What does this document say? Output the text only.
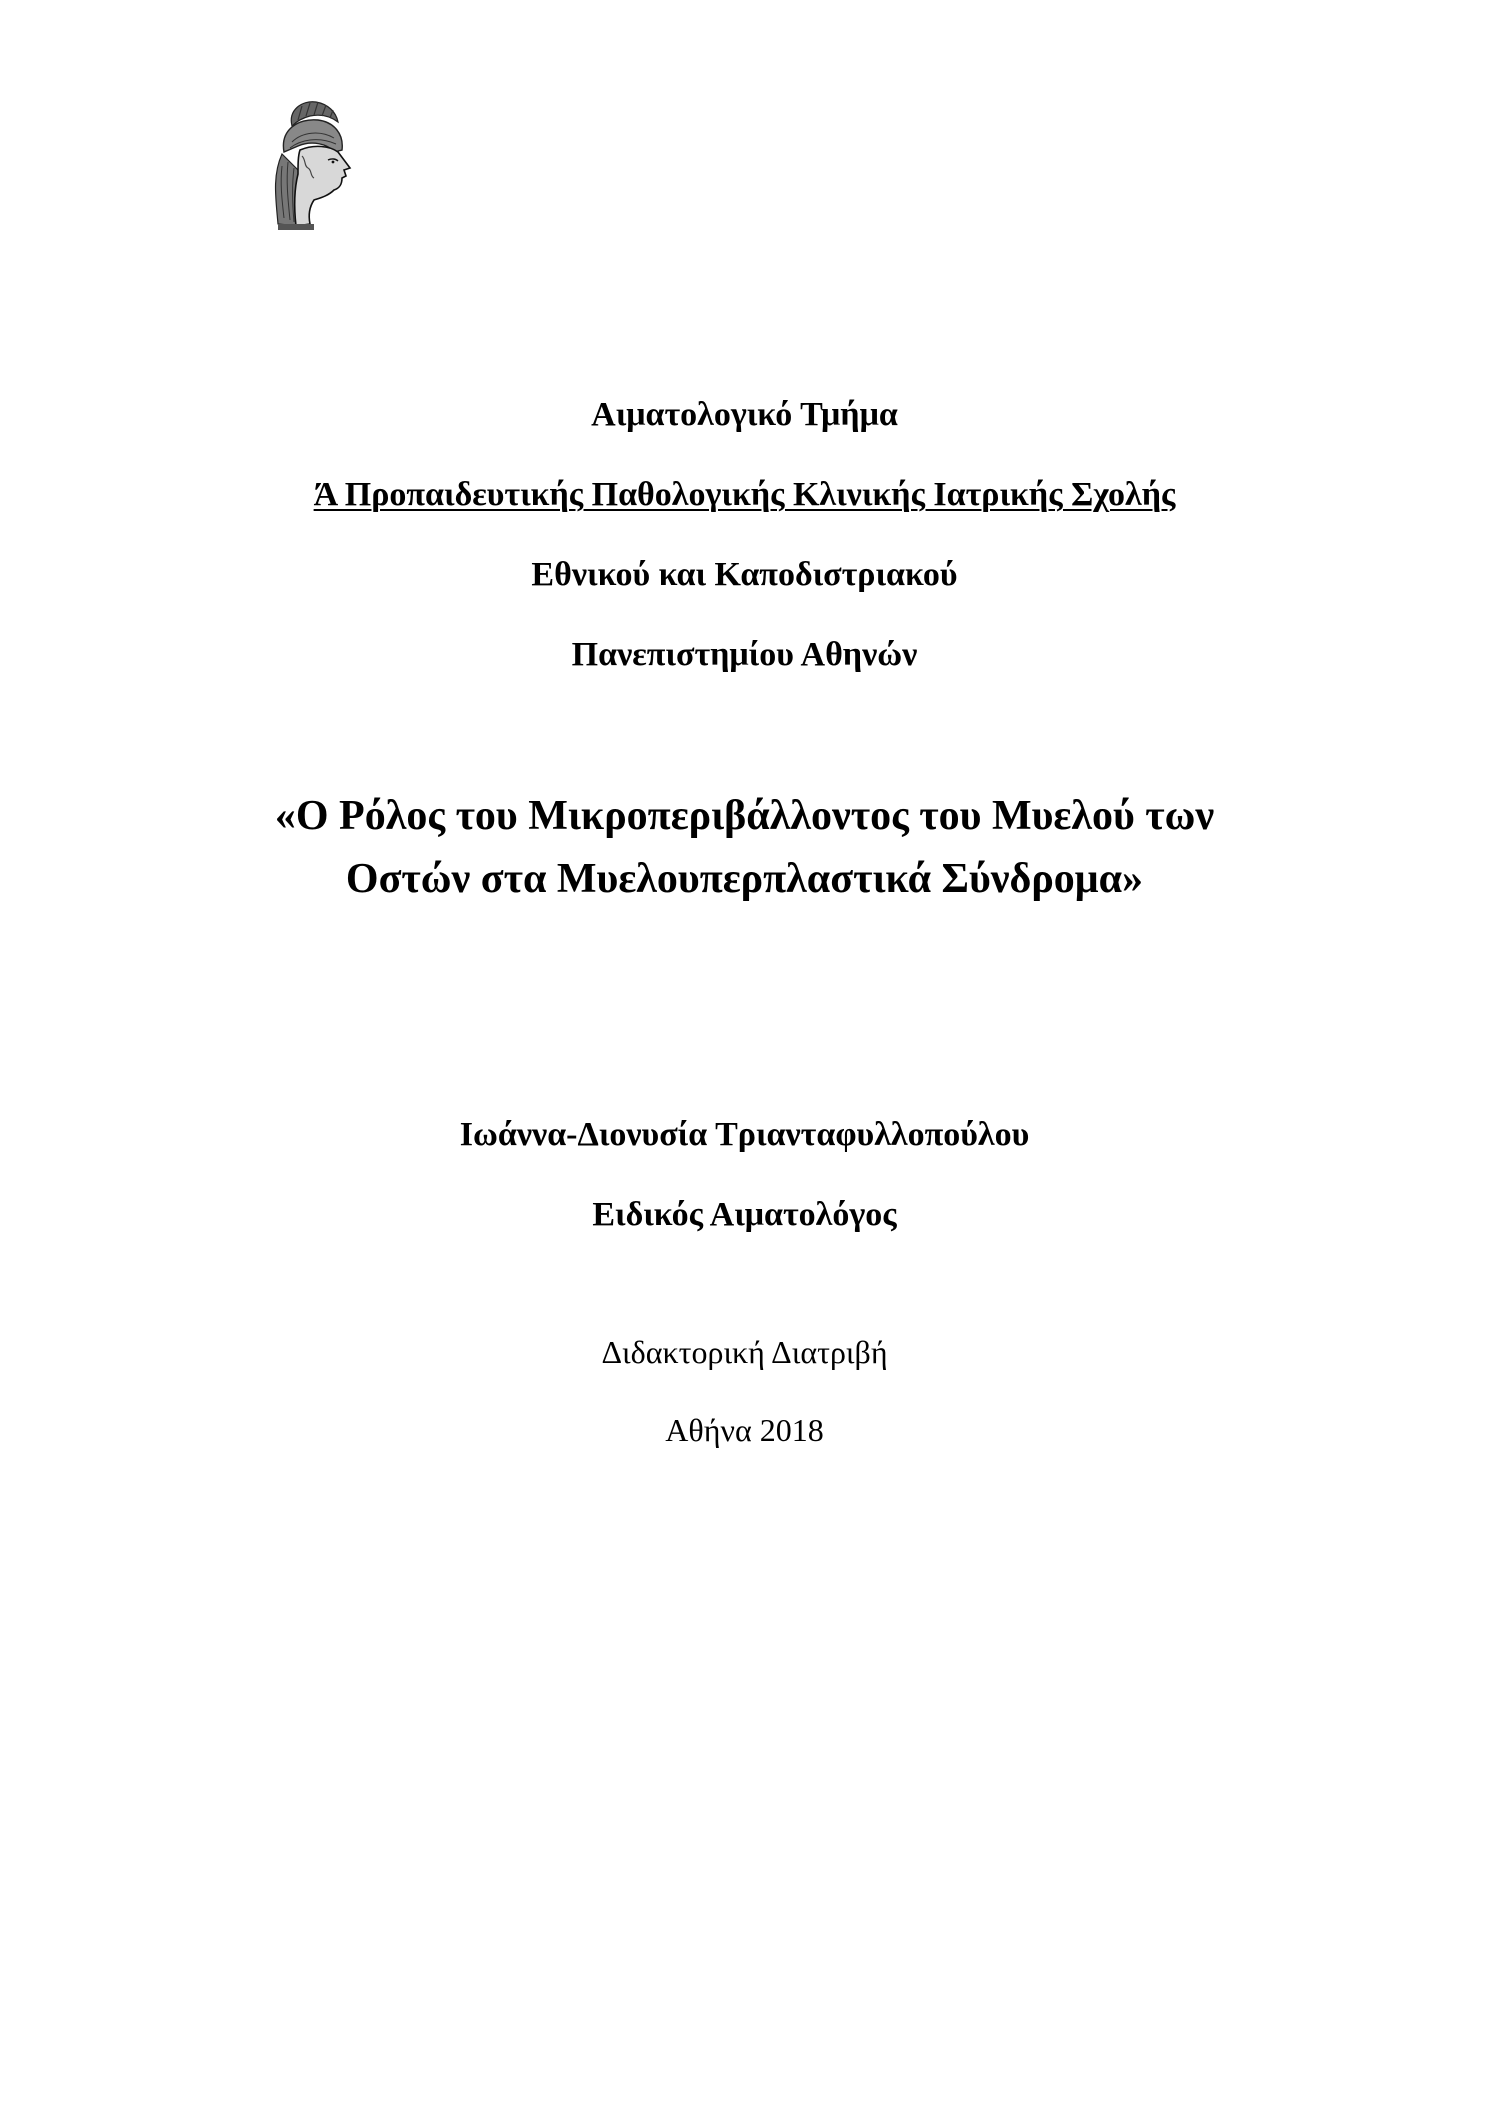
Αιματολογικό Τμήμα
Ά Προπαιδευτικής Παθολογικής Κλινικής Ιατρικής Σχολής
Εθνικού και Καποδιστριακού
Πανεπιστημίου Αθηνών
«Ο Ρόλος του Μικροπεριβάλλοντος του Μυελού των
Οστών στα Μυελουπερπλαστικά Σύνδρομα»
Ιωάννα-Διονυσία Τριανταφυλλοπούλου
Ειδικός Αιματολόγος
Διδακτορική Διατριβή
Αθήνα 2018
